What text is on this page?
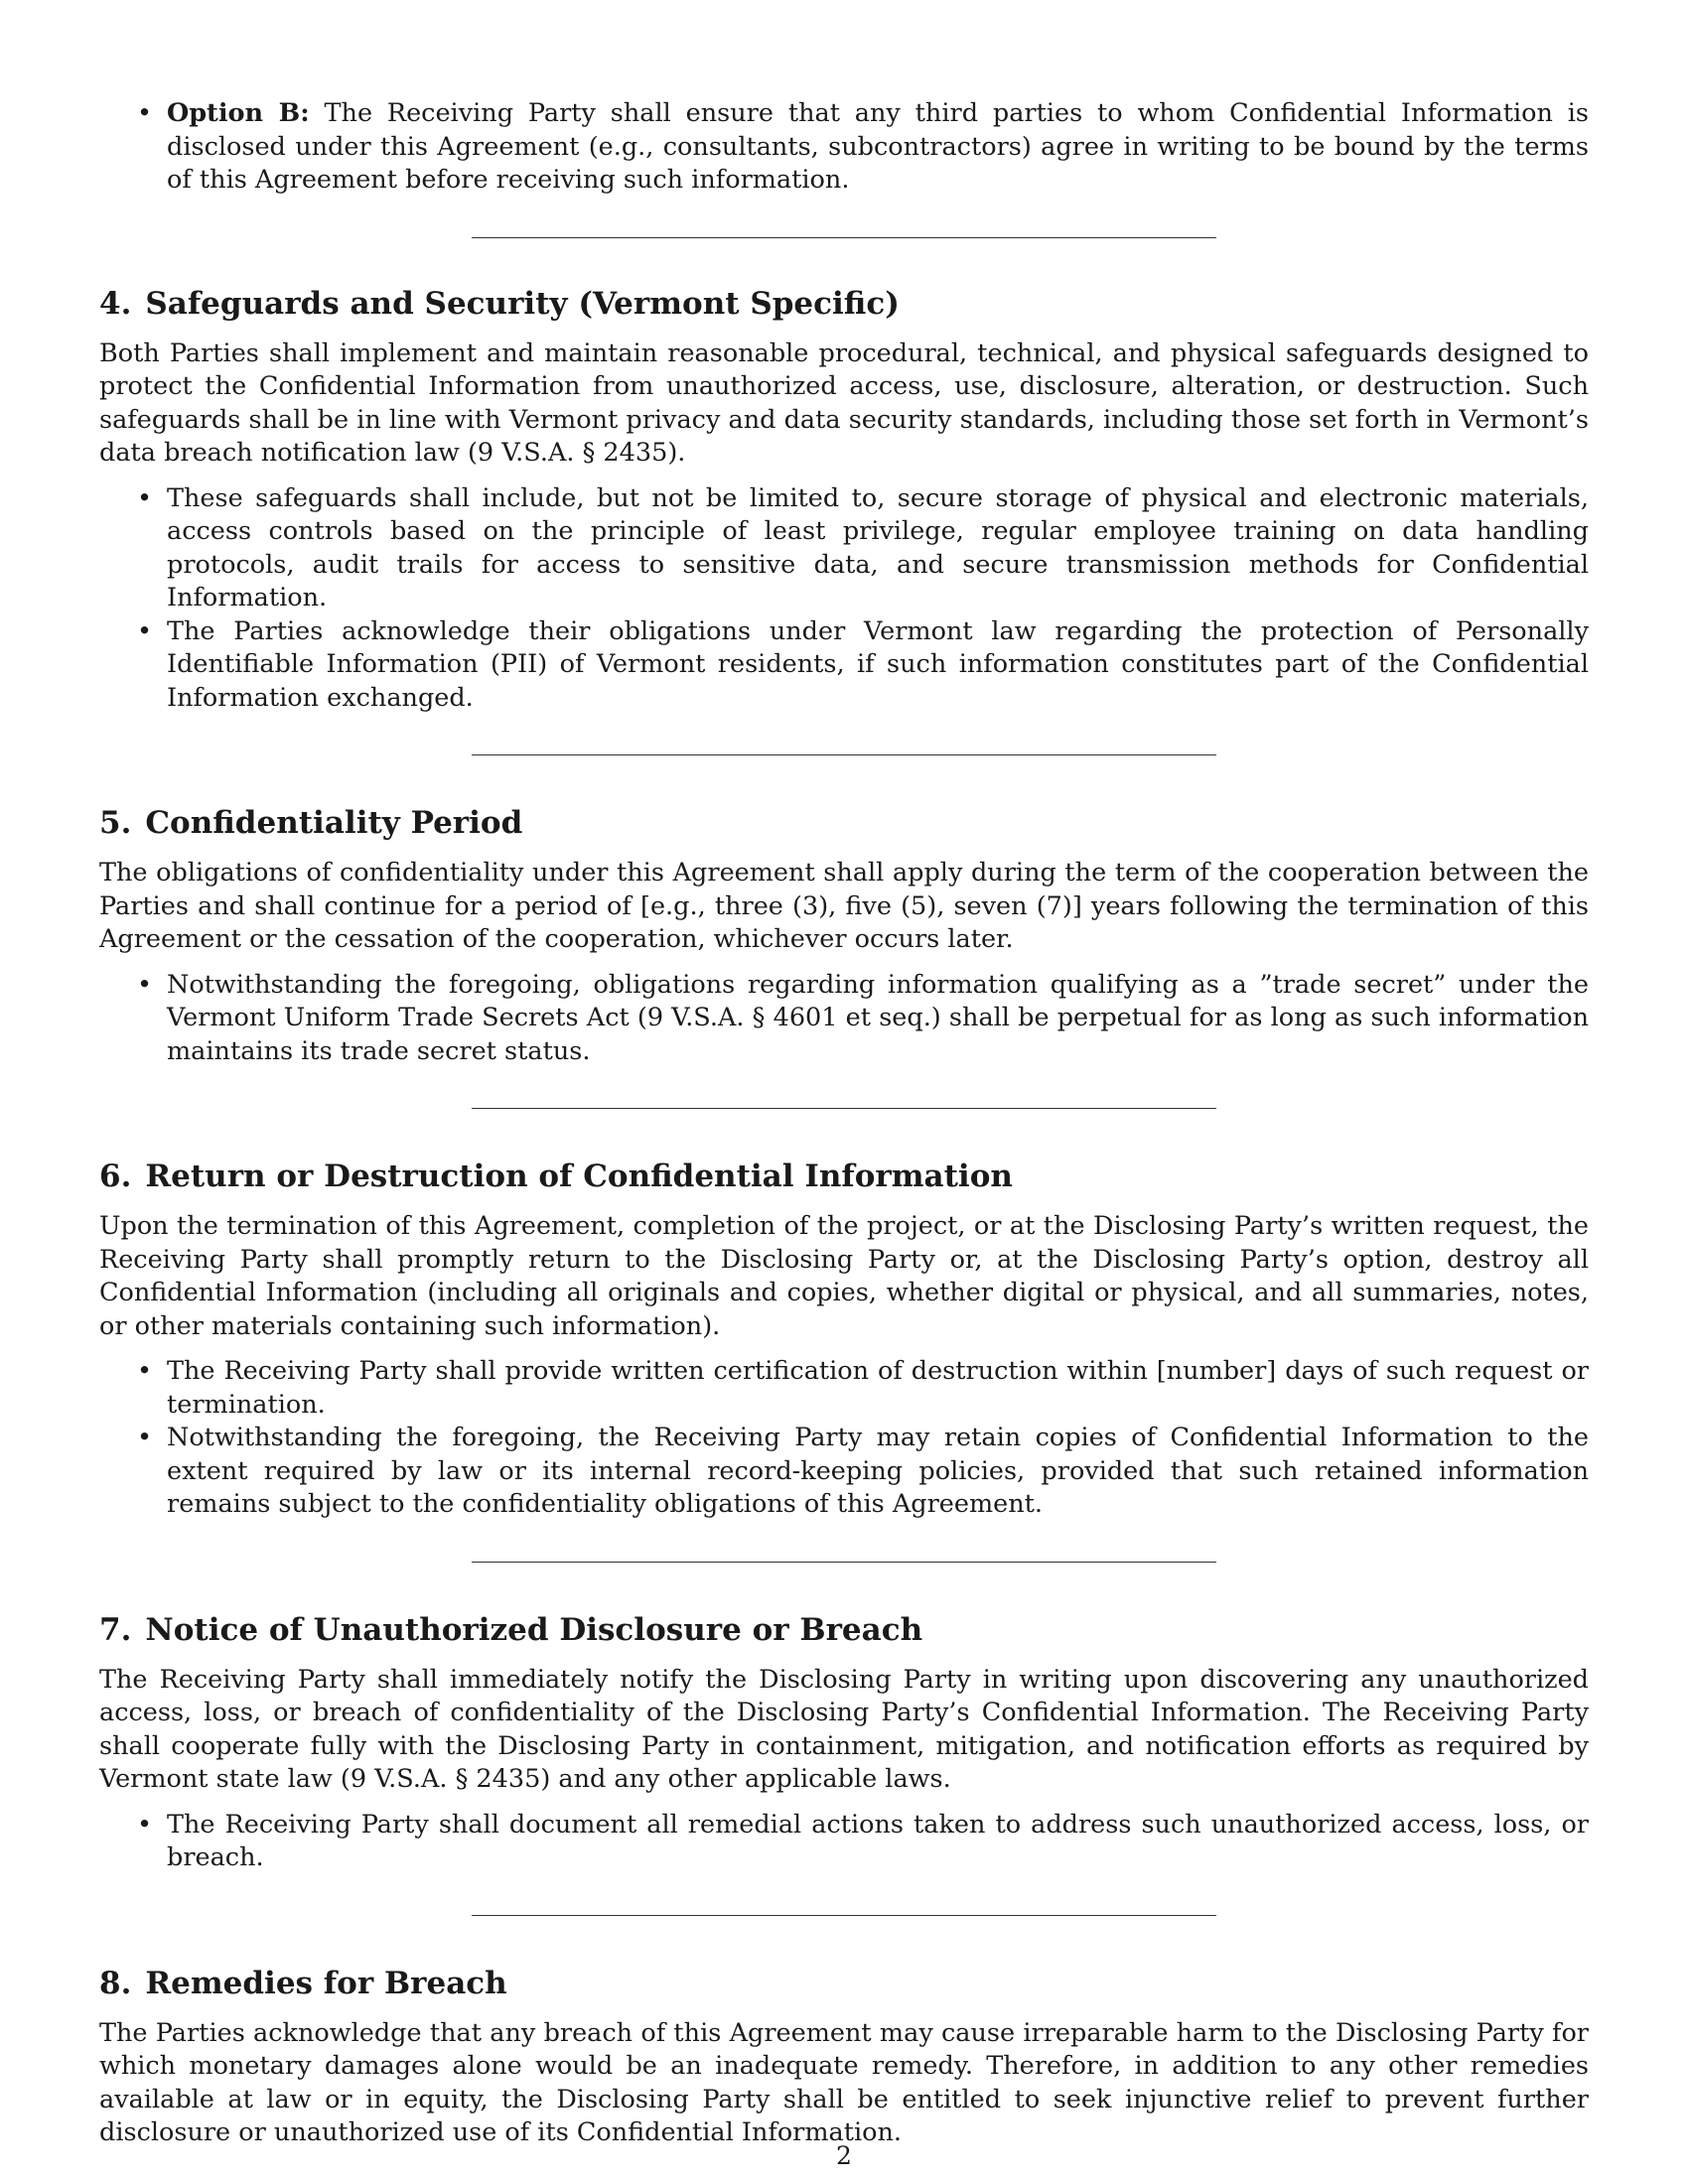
• Option B: The Receiving Party shall ensure that any third parties to whom Confidential Information is disclosed under this Agreement (e.g., consultants, subcontractors) agree in writing to be bound by the terms of this Agreement before receiving such information.
4. Safeguards and Security (Vermont Specific)

Both Parties shall implement and maintain reasonable procedural, technical, and physical safeguards designed to protect the Confidential Information from unauthorized access, use, disclosure, alteration, or destruction. Such safeguards shall be in line with Vermont privacy and data security standards, including those set forth in Vermont’s data breach notification law (9 V.S.A. § 2435).

• These safeguards shall include, but not be limited to, secure storage of physical and electronic materials, access controls based on the principle of least privilege, regular employee training on data handling protocols, audit trails for access to sensitive data, and secure transmission methods for Confidential Information.
• The Parties acknowledge their obligations under Vermont law regarding the protection of Personally Identifiable Information (PII) of Vermont residents, if such information constitutes part of the Confidential Information exchanged.
5. Confidentiality Period

The obligations of confidentiality under this Agreement shall apply during the term of the cooperation between the Parties and shall continue for a period of [e.g., three (3), five (5), seven (7)] years following the termination of this Agreement or the cessation of the cooperation, whichever occurs later.

• Notwithstanding the foregoing, obligations regarding information qualifying as a ”trade secret” under the Vermont Uniform Trade Secrets Act (9 V.S.A. § 4601 et seq.) shall be perpetual for as long as such information maintains its trade secret status.
6. Return or Destruction of Confidential Information

Upon the termination of this Agreement, completion of the project, or at the Disclosing Party’s written request, the Receiving Party shall promptly return to the Disclosing Party or, at the Disclosing Party’s option, destroy all Confidential Information (including all originals and copies, whether digital or physical, and all summaries, notes, or other materials containing such information).

• The Receiving Party shall provide written certification of destruction within [number] days of such request or termination.
• Notwithstanding the foregoing, the Receiving Party may retain copies of Confidential Information to the extent required by law or its internal record-keeping policies, provided that such retained information remains subject to the confidentiality obligations of this Agreement.
7. Notice of Unauthorized Disclosure or Breach

The Receiving Party shall immediately notify the Disclosing Party in writing upon discovering any unauthorized access, loss, or breach of confidentiality of the Disclosing Party’s Confidential Information. The Receiving Party shall cooperate fully with the Disclosing Party in containment, mitigation, and notification efforts as required by Vermont state law (9 V.S.A. § 2435) and any other applicable laws.

• The Receiving Party shall document all remedial actions taken to address such unauthorized access, loss, or breach.
8. Remedies for Breach

The Parties acknowledge that any breach of this Agreement may cause irreparable harm to the Disclosing Party for which monetary damages alone would be an inadequate remedy. Therefore, in addition to any other remedies available at law or in equity, the Disclosing Party shall be entitled to seek injunctive relief to prevent further disclosure or unauthorized use of its Confidential Information.

2
